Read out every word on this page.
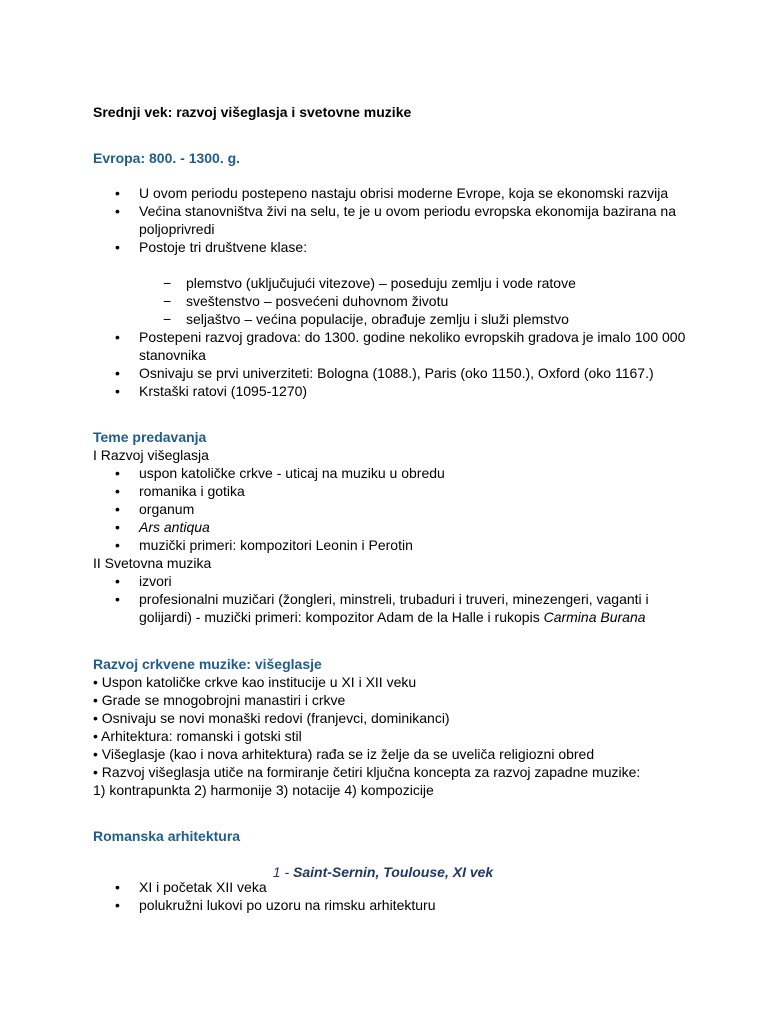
Srednji vek: razvoj višeglasja i svetovne muzike
Evropa: 800. - 1300. g.
• U ovom periodu postepeno nastaju obrisi moderne Evrope, koja se ekonomski razvija
• Većina stanovništva živi na selu, te je u ovom periodu evropska ekonomija bazirana na poljoprivredi
• Postoje tri društvene klase:
− plemstvo (uključujući vitezove) – poseduju zemlju i vode ratove
− sveštenstvo – posvećeni duhovnom životu
− seljaštvo – većina populacije, obrađuje zemlju i služi plemstvo
• Postepeni razvoj gradova: do 1300. godine nekoliko evropskih gradova je imalo 100 000 stanovnika
• Osnivaju se prvi univerziteti: Bologna (1088.), Paris (oko 1150.), Oxford (oko 1167.)
• Krstaški ratovi (1095-1270)
Teme predavanja
I Razvoj višeglasja
• uspon katoličke crkve - uticaj na muziku u obredu
• romanika i gotika
• organum
• Ars antiqua
• muzički primeri: kompozitori Leonin i Perotin
II Svetovna muzika
• izvori
• profesionalni muzičari (žongleri, minstreli, trubaduri i truveri, minezengeri, vaganti i golijardi) - muzički primeri: kompozitor Adam de la Halle i rukopis Carmina Burana
Razvoj crkvene muzike: višeglasje
• Uspon katoličke crkve kao institucije u XI i XII veku
• Grade se mnogobrojni manastiri i crkve
• Osnivaju se novi monaški redovi (franjevci, dominikanci)
• Arhitektura: romanski i gotski stil
• Višeglasje (kao i nova arhitektura) rađa se iz želje da se uveliča religiozni obred
• Razvoj višeglasja utiče na formiranje četiri ključna koncepta za razvoj zapadne muzike:
1) kontrapunkta 2) harmonije 3) notacije 4) kompozicije
Romanska arhitektura
1 - Saint-Sernin, Toulouse, XI vek
• XI i početak XII veka
• polukružni lukovi po uzoru na rimsku arhitekturu
